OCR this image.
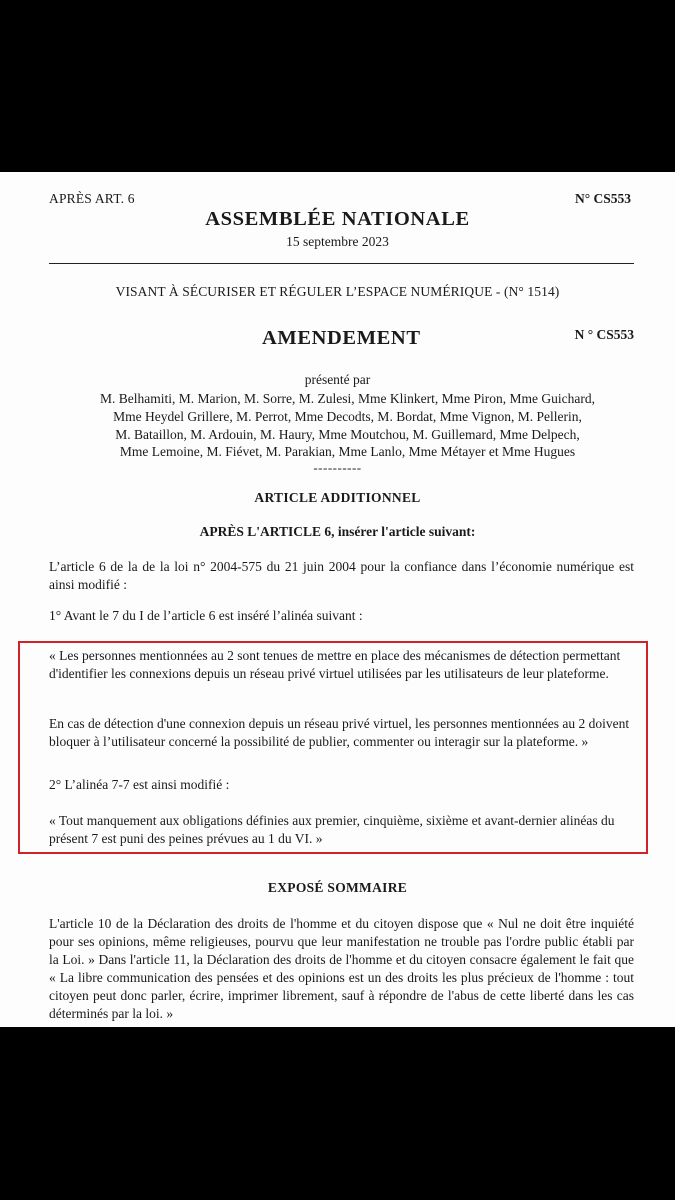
APRÈS ART. 6	N° CS553
ASSEMBLÉE NATIONALE
15 septembre 2023
VISANT À SÉCURISER ET RÉGULER L’ESPACE NUMÉRIQUE - (N° 1514)
AMENDEMENT	N ° CS553
présenté par
M. Belhamiti, M. Marion, M. Sorre, M. Zulesi, Mme Klinkert, Mme Piron, Mme Guichard,
Mme Heydel Grillere, M. Perrot, Mme Decodts, M. Bordat, Mme Vignon, M. Pellerin,
M. Bataillon, M. Ardouin, M. Haury, Mme Moutchou, M. Guillemard, Mme Delpech,
Mme Lemoine, M. Fiévet, M. Parakian, Mme Lanlo, Mme Métayer et Mme Hugues
----------
ARTICLE ADDITIONNEL
APRÈS L'ARTICLE 6, insérer l'article suivant:
L’article 6 de la de la loi n° 2004-575 du 21 juin 2004 pour la confiance dans l’économie numérique est ainsi modifié :
1° Avant le 7 du I de l’article 6 est inséré l’alinéa suivant :
« Les personnes mentionnées au 2 sont tenues de mettre en place des mécanismes de détection permettant d'identifier les connexions depuis un réseau privé virtuel utilisées par les utilisateurs de leur plateforme.
En cas de détection d'une connexion depuis un réseau privé virtuel, les personnes mentionnées au 2 doivent bloquer à l’utilisateur concerné la possibilité de publier, commenter ou interagir sur la plateforme. »
2° L’alinéa 7-7 est ainsi modifié :
« Tout manquement aux obligations définies aux premier, cinquième, sixième et avant-dernier alinéas du présent 7 est puni des peines prévues au 1 du VI. »
EXPOSÉ SOMMAIRE
L'article 10 de la Déclaration des droits de l'homme et du citoyen dispose que « Nul ne doit être inquiété pour ses opinions, même religieuses, pourvu que leur manifestation ne trouble pas l'ordre public établi par la Loi. » Dans l'article 11, la Déclaration des droits de l'homme et du citoyen consacre également le fait que « La libre communication des pensées et des opinions est un des droits les plus précieux de l'homme : tout citoyen peut donc parler, écrire, imprimer librement, sauf à répondre de l'abus de cette liberté dans les cas déterminés par la loi. »
